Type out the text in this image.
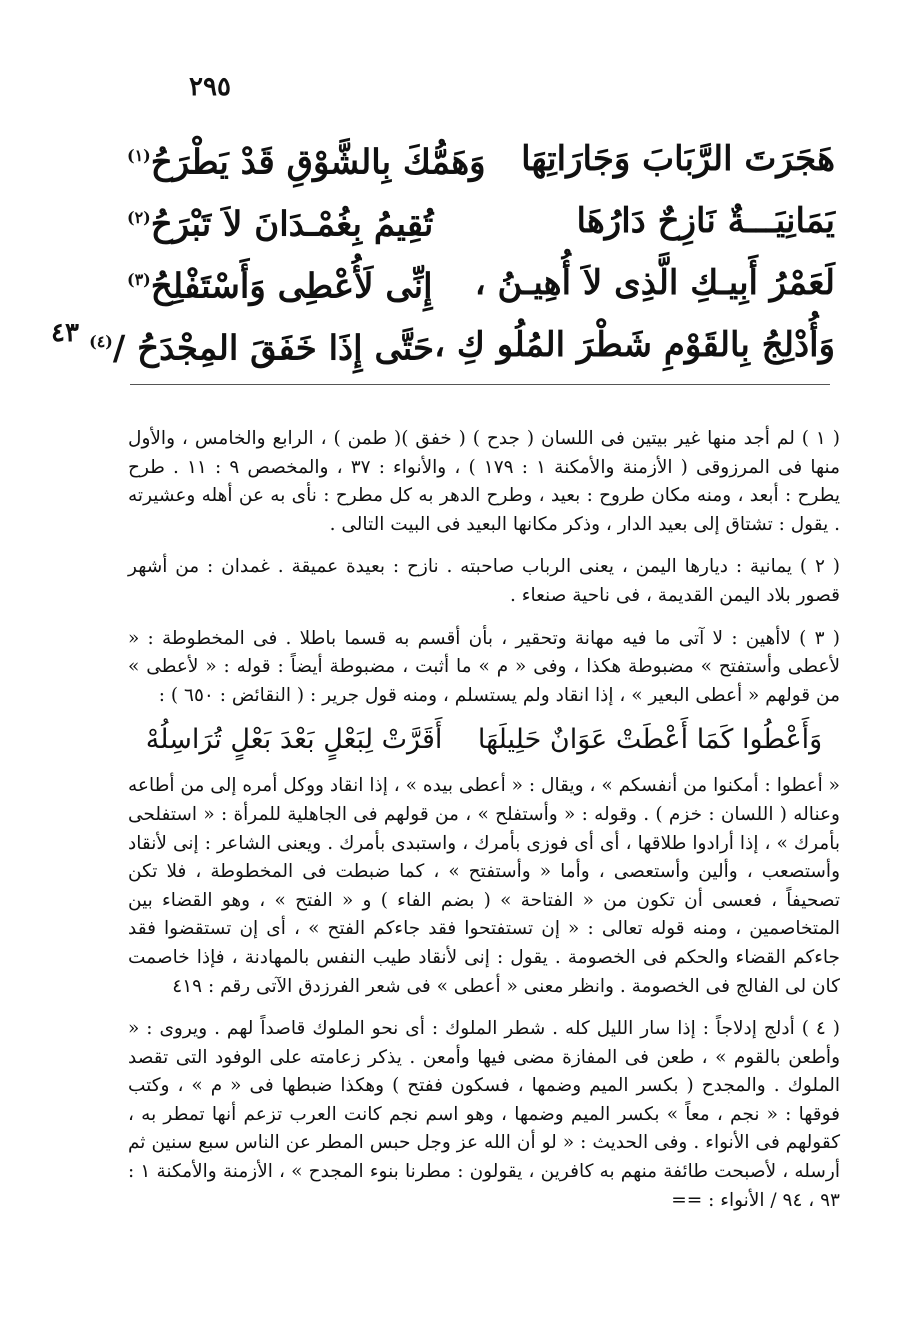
٢٩٥
٤٣
هَجَرَتَ الرَّبَابَ وَجَارَاتِهَا
وَهَمُّكَ بِالشَّوْقِ قَدْ يَطْرَحُ$^{(١)}$
يَمَانِيَـــةٌ نَازِحٌ دَارُهَا
تُقِيمُ بِغُمْـدَانَ لاَ تَبْرَحُ$^{(٢)}$
لَعَمْرُ أَبِيـكِ الَّذِى لاَ أُهِيـنُ ،
إِنِّى لَأُعْطِى وَأَسْتَفْلِحُ$^{(٣)}$
وَأُدْلِجُ بِالقَوْمِ شَطْرَ المُلُو كِ ،
حَتَّى إِذَا خَفَقَ المِجْدَحُ /$^{(٤)}$

( ١ ) لم أجد منها غير بيتين فى اللسان ( جدح ) ( خفق )( طمن ) ، الرابع والخامس ، والأول منها فى المرزوقى ( الأزمنة والأمكنة ١ : ١٧٩ ) ، والأنواء : ٣٧ ، والمخصص ٩ : ١١ . طرح يطرح : أبعد ، ومنه مكان طروح : بعيد ، وطرح الدهر به كل مطرح : نأى به عن أهله وعشيرته . يقول : تشتاق إلى بعيد الدار ، وذكر مكانها البعيد فى البيت التالى .

( ٢ ) يمانية : ديارها اليمن ، يعنى الرباب صاحبته . نازح : بعيدة عميقة . غمدان : من أشهر قصور بلاد اليمن القديمة ، فى ناحية صنعاء .

( ٣ ) لاأهين : لا آتى ما فيه مهانة وتحقير ، بأن أقسم به قسما باطلا . فى المخطوطة : « لأعطى وأستفتح » مضبوطة هكذا ، وفى « م » ما أثبت ، مضبوطة أيضاً : قوله : « لأعطى » من قولهم « أعطى البعير » ، إذا انقاد ولم يستسلم ، ومنه قول جرير : ( النقائض : ٦٥٠ ) :

وَأَعْطُوا كَمَا أَعْطَتْ عَوَانٌ حَلِيلَهَا
أَقَرَّتْ لِبَعْلٍ بَعْدَ بَعْلٍ تُرَاسِلُهْ

« أعطوا : أمكنوا من أنفسكم » ، ويقال : « أعطى بيده » ، إذا انقاد ووكل أمره إلى من أطاعه وعناله ( اللسان : خزم ) . وقوله : « وأستفلح » ، من قولهم فى الجاهلية للمرأة : « استفلحى بأمرك » ، إذا أرادوا طلاقها ، أى أى فوزى بأمرك ، واستبدى بأمرك . ويعنى الشاعر : إنى لأنقاد وأستصعب ، وألين وأستعصى ، وأما « وأستفتح » ، كما ضبطت فى المخطوطة ، فلا تكن تصحيفاً ، فعسى أن تكون من « الفتاحة » ( بضم الفاء ) و « الفتح » ، وهو القضاء بين المتخاصمين ، ومنه قوله تعالى : « إن تستفتحوا فقد جاءكم الفتح » ، أى إن تستقضوا فقد جاءكم القضاء والحكم فى الخصومة . يقول : إنى لأنقاد طيب النفس بالمهادنة ، فإذا خاصمت كان لى الفالج فى الخصومة . وانظر معنى « أعطى » فى شعر الفرزدق الآتى رقم : ٤١٩

( ٤ ) أدلج إدلاجاً : إذا سار الليل كله . شطر الملوك : أى نحو الملوك قاصداً لهم . ويروى : « وأطعن بالقوم » ، طعن فى المفازة مضى فيها وأمعن . يذكر زعامته على الوفود التى تقصد الملوك . والمجدح ( بكسر الميم وضمها ، فسكون ففتح ) وهكذا ضبطها فى « م » ، وكتب فوقها : « نجم ، معاً » بكسر الميم وضمها ، وهو اسم نجم كانت العرب تزعم أنها تمطر به ، كقولهم فى الأنواء . وفى الحديث : « لو أن الله عز وجل حبس المطر عن الناس سبع سنين ثم أرسله ، لأصبحت طائفة منهم به كافرين ، يقولون : مطرنا بنوء المجدح » ، الأزمنة والأمكنة ١ : ٩٣ ، ٩٤ / الأنواء : ==
